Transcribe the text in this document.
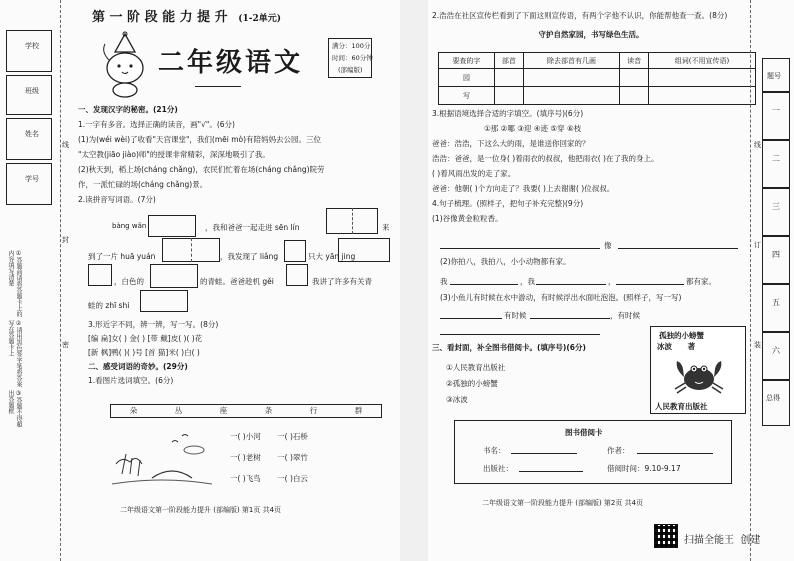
学校
班级
姓名
学号
①答题前请将答题卡上的内容填写清楚
②请用黑色签字笔将答案写在答题卡上
③答题不得超出答题框
线
封
密
第 一 阶 段 能 力 提 升 (1-2单元)
二年级语文
满分：100分
时间：60分钟
(部编版)
一、发现汉字的秘密。(21分)
1.一字有多音。选择正确的读音，画"√"。(6分)
(1)为(wéi wèi)了收看"天宫课堂"，我们(mēi mò)有陪妈妈去公园。三位
"太空教(jiāo jiào)师"的授课非常精彩，深深地吸引了我。
(2)秋天到，稻上场(cháng chǎng)，农民们忙着在场(cháng chǎng)院劳
作，一派忙碌的场(cháng chǎng)景。
2.读拼音写词语。(7分)
bàng wǎn	，我和爸爸一起走进 sēn lín	来
到了一片 huā yuán	，我发现了 liǎng	只大 yān jing
，白色的	的青蛙。爸爸趁机 gěi	我讲了许多有关青
蛙的 zhī shi
3.形近字不同，辨一辨，写一写。(8分)
[编 扁]女( ) 金( ) [带 戴]皮( )( )花
[新 枫]鸭( )( )号 [首 猫]米( )白( )
二、感受词语的奇妙。(29分)
1.看图片选词填空。(6分)
朵	丛	座	条	行	群
一( )小河 一( )石桥
一( )老树 一( )翠竹
一( )飞鸟 一( )白云
二年级语文第一阶段能力提升 (部编版) 第1页 共4页
2.浩浩在社区宣传栏看到了下面这则宣传语，有两个字他不认识，你能帮他查一查。(8分)
守护自然家园，书写绿色生活。
要查的字	部首	除去部首有几画	读音	组词(不用宣传语)
园				
写				
3.根据语境选择合适的字填空。(填序号)(6分)
①那 ②哪 ③迎 ④迹 ⑤穿 ⑥枝
爸爸：浩浩，下这么大的雨，是谁送你回家的？
浩浩：爸爸，是一位身( )着雨衣的叔叔，他把雨衣( )在了我的身上。
( )着风雨出发的走了家。
爸爸：他朝( )个方向走了？我要( )上去谢谢( )位叔叔。
4.句子梳理。(照样子，把句子补充完整)(9分)
(1)谷像黄金粒粒香。
像
(2)你拍八，我拍八，小小动物都有家。
我	，我	，	都有家。
(3)小鱼儿有时候在水中游动，有时候浮出水面吐泡泡。(照样子，写一写)
有时候	，有时候
三、看封面，补全图书借阅卡。(填序号)(6分)
①人民教育出版社
②孤独的小螃蟹
③冰波
孤独的小螃蟹
冰波      著
人民教育出版社
图书借阅卡
书名：	作者：
出版社：	借阅时间：9.10-9.17
二年级语文第一阶段能力提升 (部编版) 第2页 共4页
线
订
装
题号
一
二
三
四
五
六
总得
扫描全能王  创建
